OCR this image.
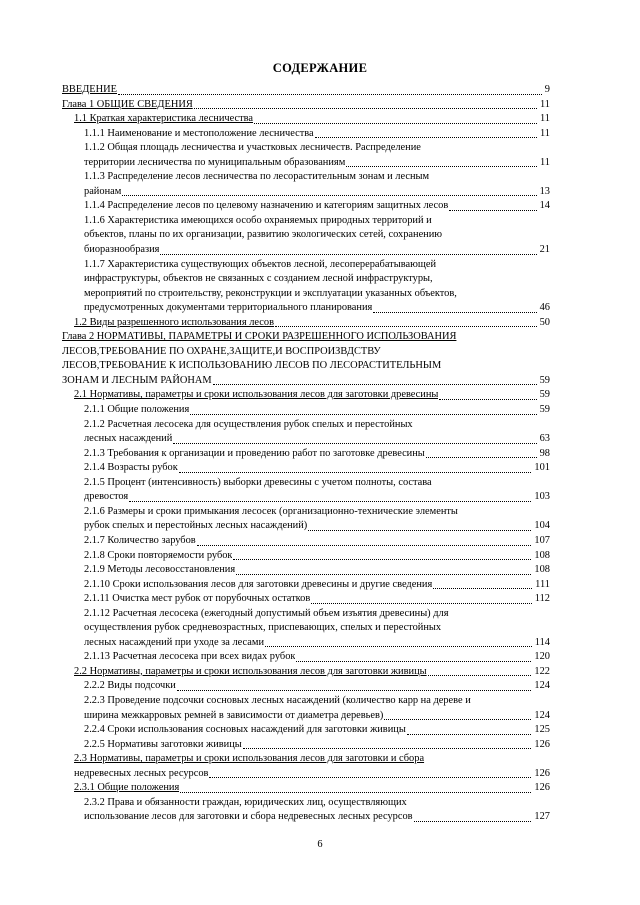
СОДЕРЖАНИЕ
ВВЕДЕНИЕ	9
Глава 1 ОБЩИЕ СВЕДЕНИЯ	11
1.1 Краткая характеристика лесничества	11
1.1.1 Наименование и местоположение лесничества	11
1.1.2 Общая площадь лесничества и участковых лесничеств. Распределение
территории лесничества по муниципальным образованиям	11
1.1.3 Распределение лесов лесничества по лесорастительным зонам и лесным
районам	13
1.1.4 Распределение лесов по целевому назначению и категориям защитных лесов	14
1.1.6 Характеристика имеющихся особо охраняемых природных территорий и
объектов, планы по их организации, развитию экологических сетей, сохранению
биоразнообразия	21
1.1.7 Характеристика существующих объектов лесной, лесоперерабатывающей
инфраструктуры, объектов не связанных с созданием лесной инфраструктуры,
мероприятий по строительству, реконструкции и эксплуатации указанных объектов,
предусмотренных документами территориального планирования	46
1.2 Виды разрешенного использования лесов	50
Глава 2 НОРМАТИВЫ, ПАРАМЕТРЫ И СРОКИ РАЗРЕШЕННОГО ИСПОЛЬЗОВАНИЯ
ЛЕСОВ,ТРЕБОВАНИЕ ПО ОХРАНЕ,ЗАЩИТЕ,И ВОСПРОИЗВДСТВУ
ЛЕСОВ,ТРЕБОВАНИЕ К ИСПОЛЬЗОВАНИЮ ЛЕСОВ ПО ЛЕСОРАСТИТЕЛЬНЫМ
ЗОНАМ И ЛЕСНЫМ РАЙОНАМ	59
2.1 Нормативы, параметры и сроки использования лесов для заготовки древесины	59
2.1.1 Общие положения	59
2.1.2 Расчетная лесосека для осуществления рубок спелых и перестойных
лесных насаждений	63
2.1.3 Требования к организации и проведению работ по заготовке древесины	98
2.1.4 Возрасты рубок	101
2.1.5 Процент (интенсивность) выборки древесины с учетом полноты, состава
древостоя	103
2.1.6 Размеры и сроки примыкания лесосек (организационно-технические элементы
рубок спелых и перестойных лесных насаждений)	104
2.1.7 Количество зарубов	107
2.1.8 Сроки повторяемости рубок	108
2.1.9 Методы лесовосстановления	108
2.1.10 Сроки использования лесов для заготовки древесины и другие сведения	111
2.1.11 Очистка мест рубок от порубочных остатков	112
2.1.12 Расчетная лесосека (ежегодный допустимый объем изъятия древесины) для
осуществления рубок средневозрастных, приспевающих, спелых и перестойных
лесных насаждений при уходе за лесами	114
2.1.13 Расчетная лесосека при всех видах рубок	120
2.2 Нормативы, параметры и сроки использования лесов для заготовки живицы	122
2.2.2 Виды подсочки	124
2.2.3 Проведение подсочки сосновых лесных насаждений (количество карр на дереве и
ширина межкарровых ремней в зависимости от диаметра деревьев)	124
2.2.4 Сроки использования сосновых насаждений для заготовки живицы	125
2.2.5 Нормативы заготовки живицы	126
2.3 Нормативы, параметры и сроки использования лесов для заготовки и сбора
недревесных лесных ресурсов	126
2.3.1 Общие положения	126
2.3.2 Права и обязанности граждан, юридических лиц, осуществляющих
использование лесов для заготовки и сбора недревесных лесных ресурсов	127
6
